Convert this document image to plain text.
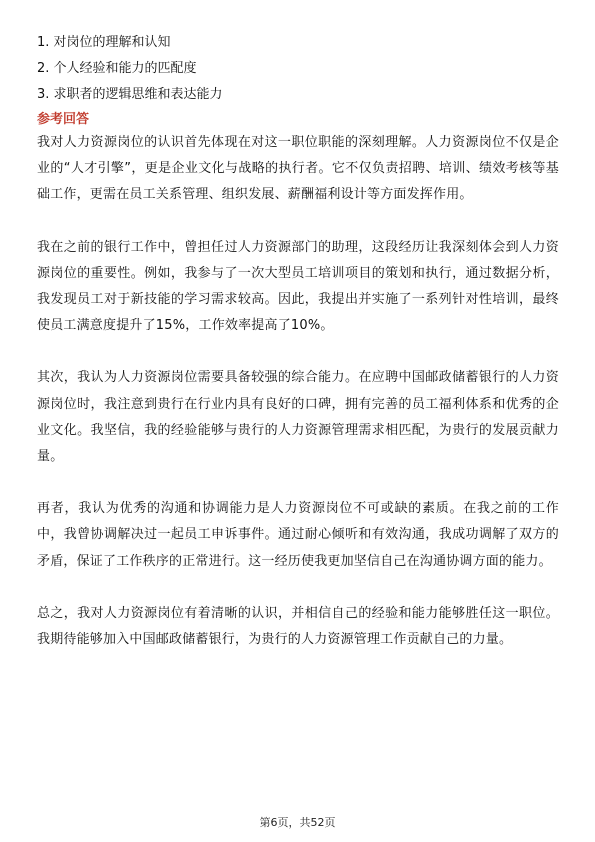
1. 对岗位的理解和认知

2. 个人经验和能力的匹配度

3. 求职者的逻辑思维和表达能力

参考回答

我对人力资源岗位的认识首先体现在对这一职位职能的深刻理解。人力资源岗位不仅是企业的“人才引擎”，更是企业文化与战略的执行者。它不仅负责招聘、培训、绩效考核等基础工作，更需在员工关系管理、组织发展、薪酬福利设计等方面发挥作用。

我在之前的银行工作中，曾担任过人力资源部门的助理，这段经历让我深刻体会到人力资源岗位的重要性。例如，我参与了一次大型员工培训项目的策划和执行，通过数据分析，我发现员工对于新技能的学习需求较高。因此，我提出并实施了一系列针对性培训，最终使员工满意度提升了15%，工作效率提高了10%。

其次，我认为人力资源岗位需要具备较强的综合能力。在应聘中国邮政储蓄银行的人力资源岗位时，我注意到贵行在行业内具有良好的口碑，拥有完善的员工福利体系和优秀的企业文化。我坚信，我的经验能够与贵行的人力资源管理需求相匹配，为贵行的发展贡献力量。

再者，我认为优秀的沟通和协调能力是人力资源岗位不可或缺的素质。在我之前的工作中，我曾协调解决过一起员工申诉事件。通过耐心倾听和有效沟通，我成功调解了双方的矛盾，保证了工作秩序的正常进行。这一经历使我更加坚信自己在沟通协调方面的能力。

总之，我对人力资源岗位有着清晰的认识，并相信自己的经验和能力能够胜任这一职位。我期待能够加入中国邮政储蓄银行，为贵行的人力资源管理工作贡献自己的力量。

第6页，共52页
